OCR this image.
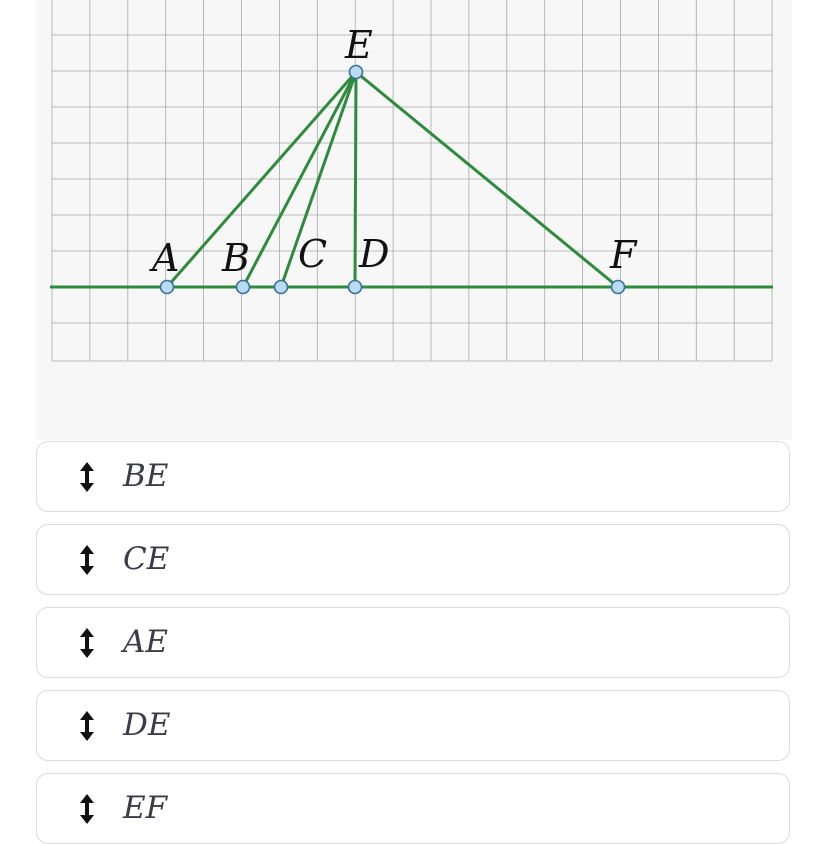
A B C D
E
F
BE
CE
AE
DE
EF
